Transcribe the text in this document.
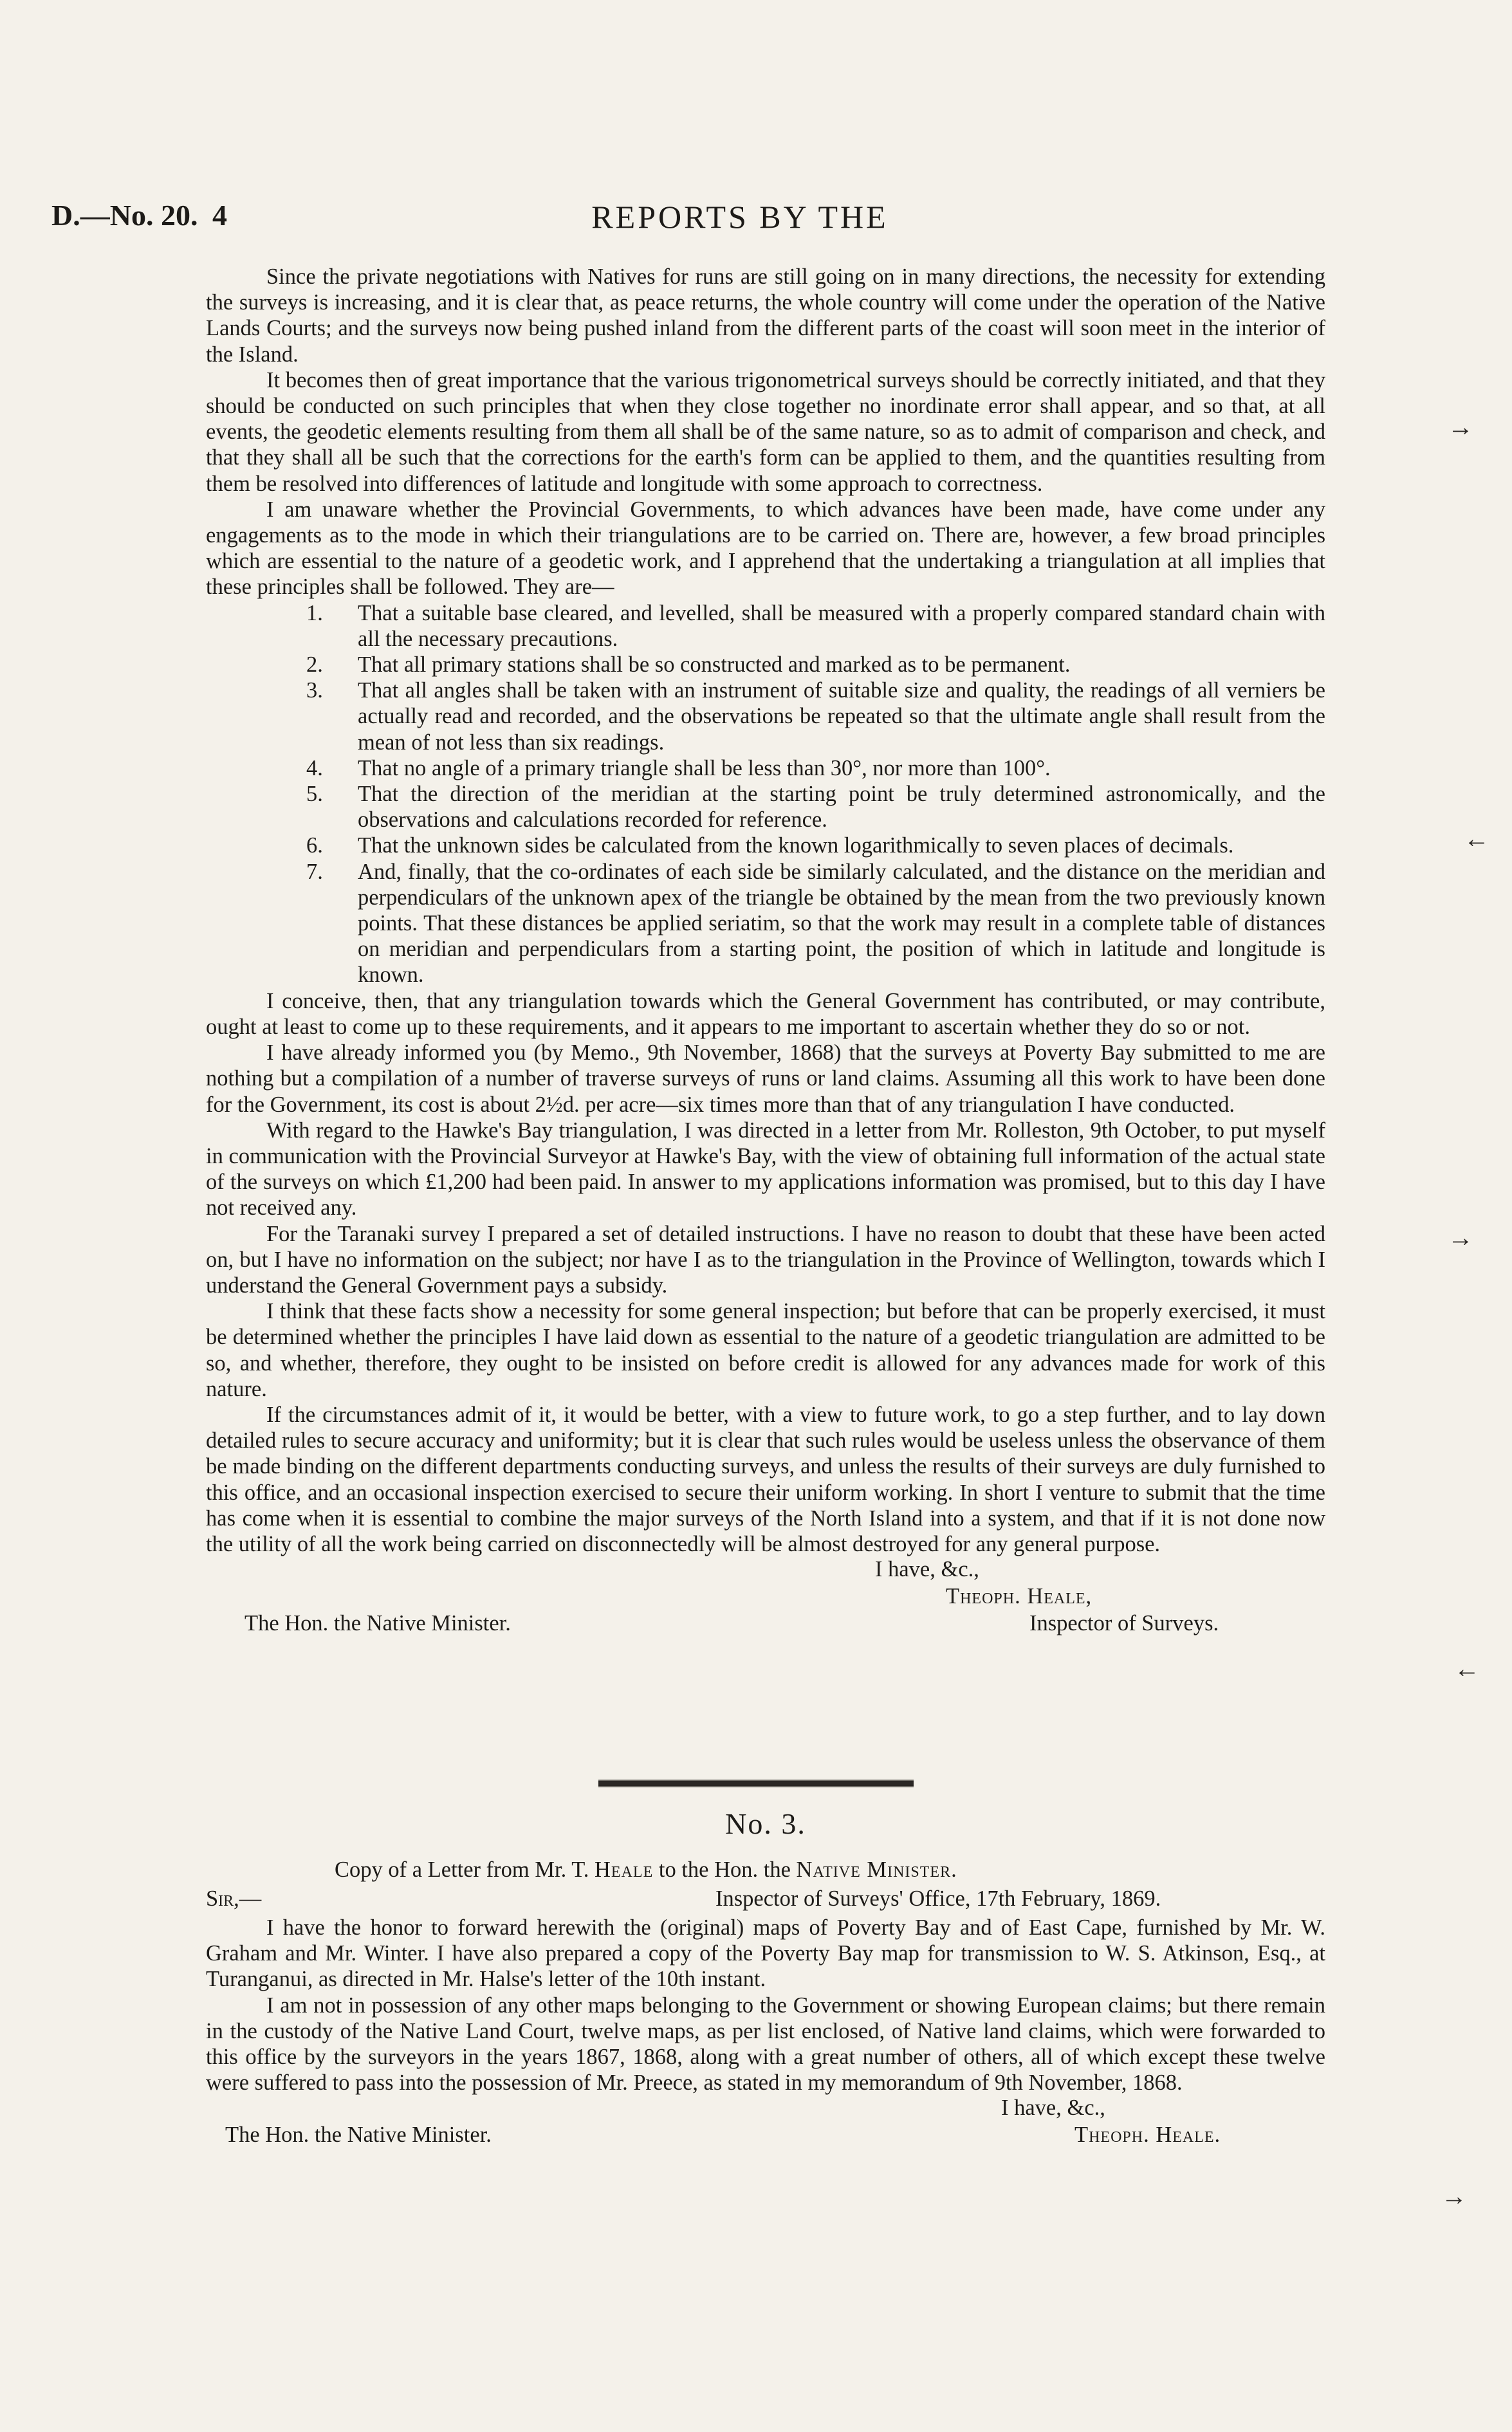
D.—No. 20. 4	REPORTS BY THE

Since the private negotiations with Natives for runs are still going on in many directions, the necessity for extending the surveys is increasing, and it is clear that, as peace returns, the whole country will come under the operation of the Native Lands Courts; and the surveys now being pushed inland from the different parts of the coast will soon meet in the interior of the Island.

It becomes then of great importance that the various trigonometrical surveys should be correctly initiated, and that they should be conducted on such principles that when they close together no inordinate error shall appear, and so that, at all events, the geodetic elements resulting from them all shall be of the same nature, so as to admit of comparison and check, and that they shall all be such that the corrections for the earth's form can be applied to them, and the quantities resulting from them be resolved into differences of latitude and longitude with some approach to correctness.

I am unaware whether the Provincial Governments, to which advances have been made, have come under any engagements as to the mode in which their triangulations are to be carried on. There are, however, a few broad principles which are essential to the nature of a geodetic work, and I apprehend that the undertaking a triangulation at all implies that these principles shall be followed. They are—

1. That a suitable base cleared, and levelled, shall be measured with a properly compared standard chain with all the necessary precautions.
2. That all primary stations shall be so constructed and marked as to be permanent.
3. That all angles shall be taken with an instrument of suitable size and quality, the readings of all verniers be actually read and recorded, and the observations be repeated so that the ultimate angle shall result from the mean of not less than six readings.
4. That no angle of a primary triangle shall be less than 30°, nor more than 100°.
5. That the direction of the meridian at the starting point be truly determined astronomically, and the observations and calculations recorded for reference.
6. That the unknown sides be calculated from the known logarithmically to seven places of decimals.
7. And, finally, that the co-ordinates of each side be similarly calculated, and the distance on the meridian and perpendiculars of the unknown apex of the triangle be obtained by the mean from the two previously known points. That these distances be applied seriatim, so that the work may result in a complete table of distances on meridian and perpendiculars from a starting point, the position of which in latitude and longitude is known.

I conceive, then, that any triangulation towards which the General Government has contributed, or may contribute, ought at least to come up to these requirements, and it appears to me important to ascertain whether they do so or not.

I have already informed you (by Memo., 9th November, 1868) that the surveys at Poverty Bay submitted to me are nothing but a compilation of a number of traverse surveys of runs or land claims. Assuming all this work to have been done for the Government, its cost is about 2½d. per acre—six times more than that of any triangulation I have conducted.

With regard to the Hawke's Bay triangulation, I was directed in a letter from Mr. Rolleston, 9th October, to put myself in communication with the Provincial Surveyor at Hawke's Bay, with the view of obtaining full information of the actual state of the surveys on which £1,200 had been paid. In answer to my applications information was promised, but to this day I have not received any.

For the Taranaki survey I prepared a set of detailed instructions. I have no reason to doubt that these have been acted on, but I have no information on the subject; nor have I as to the triangulation in the Province of Wellington, towards which I understand the General Government pays a subsidy.

I think that these facts show a necessity for some general inspection; but before that can be properly exercised, it must be determined whether the principles I have laid down as essential to the nature of a geodetic triangulation are admitted to be so, and whether, therefore, they ought to be insisted on before credit is allowed for any advances made for work of this nature.

If the circumstances admit of it, it would be better, with a view to future work, to go a step further, and to lay down detailed rules to secure accuracy and uniformity; but it is clear that such rules would be useless unless the observance of them be made binding on the different departments conducting surveys, and unless the results of their surveys are duly furnished to this office, and an occasional inspection exercised to secure their uniform working. In short I venture to submit that the time has come when it is essential to combine the major surveys of the North Island into a system, and that if it is not done now the utility of all the work being carried on disconnectedly will be almost destroyed for any general purpose.

I have, &c.,
Theoph. Heale,
The Hon. the Native Minister.	Inspector of Surveys.
No. 3.
Copy of a Letter from Mr. T. Heale to the Hon. the Native Minister.
Sir,—	Inspector of Surveys' Office, 17th February, 1869.

I have the honor to forward herewith the (original) maps of Poverty Bay and of East Cape, furnished by Mr. W. Graham and Mr. Winter. I have also prepared a copy of the Poverty Bay map for transmission to W. S. Atkinson, Esq., at Turanganui, as directed in Mr. Halse's letter of the 10th instant.

I am not in possession of any other maps belonging to the Government or showing European claims; but there remain in the custody of the Native Land Court, twelve maps, as per list enclosed, of Native land claims, which were forwarded to this office by the surveyors in the years 1867, 1868, along with a great number of others, all of which except these twelve were suffered to pass into the possession of Mr. Preece, as stated in my memorandum of 9th November, 1868.

I have, &c.,
The Hon. the Native Minister.	Theoph. Heale.
→
←
→
←
→
